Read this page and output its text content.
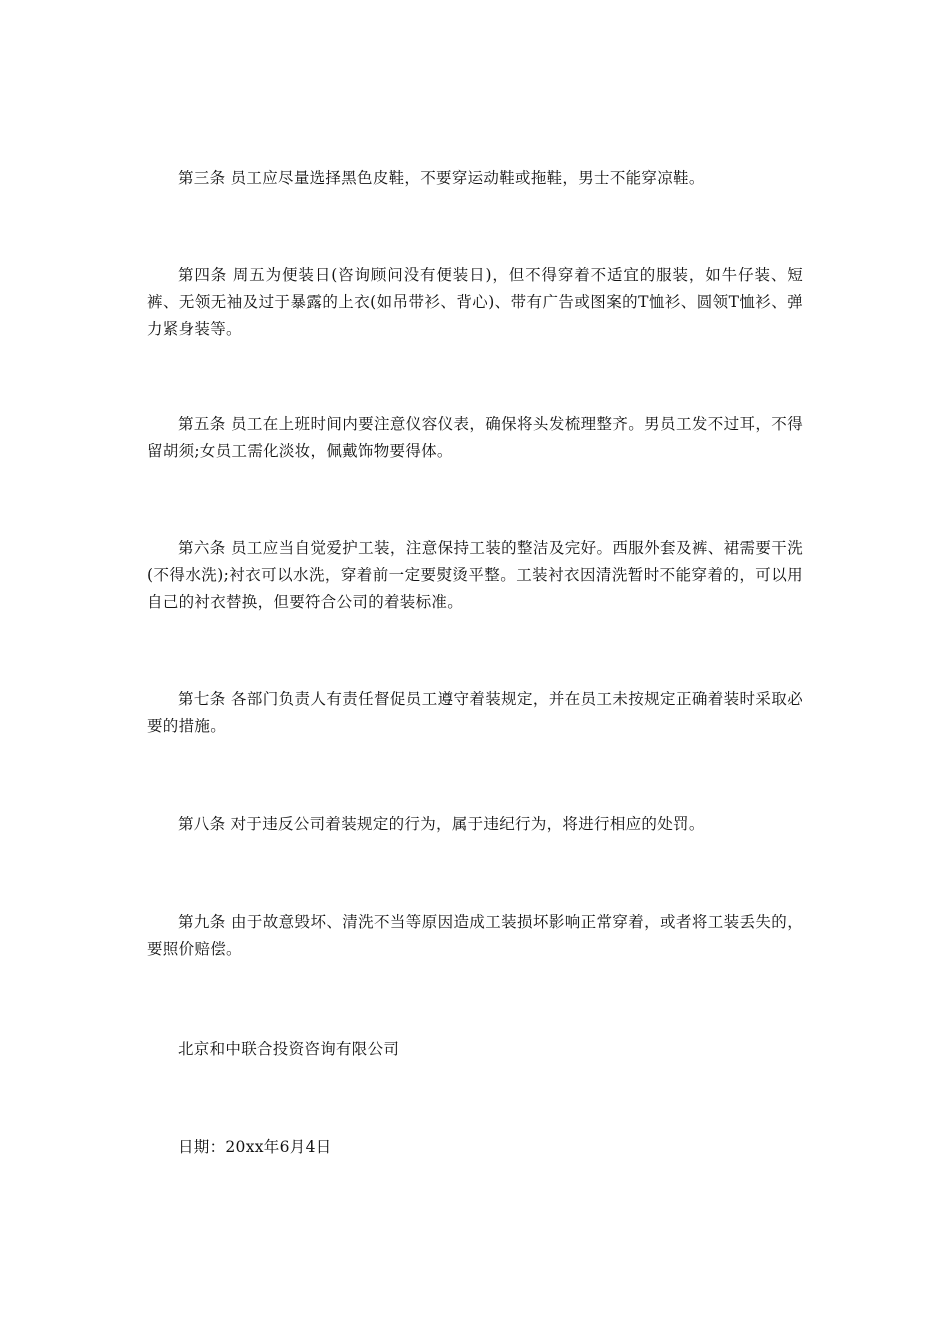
第三条 员工应尽量选择黑色皮鞋，不要穿运动鞋或拖鞋，男士不能穿凉鞋。

第四条 周五为便装日(咨询顾问没有便装日)，但不得穿着不适宜的服装，如牛仔装、短裤、无领无袖及过于暴露的上衣(如吊带衫、背心)、带有广告或图案的T恤衫、圆领T恤衫、弹力紧身装等。

第五条 员工在上班时间内要注意仪容仪表，确保将头发梳理整齐。男员工发不过耳，不得留胡须;女员工需化淡妆，佩戴饰物要得体。

第六条 员工应当自觉爱护工装，注意保持工装的整洁及完好。西服外套及裤、裙需要干洗(不得水洗);衬衣可以水洗，穿着前一定要熨烫平整。工装衬衣因清洗暂时不能穿着的，可以用自己的衬衣替换，但要符合公司的着装标准。

第七条 各部门负责人有责任督促员工遵守着装规定，并在员工未按规定正确着装时采取必要的措施。

第八条 对于违反公司着装规定的行为，属于违纪行为，将进行相应的处罚。

第九条 由于故意毁坏、清洗不当等原因造成工装损坏影响正常穿着，或者将工装丢失的，要照价赔偿。

北京和中联合投资咨询有限公司

日期：20xx年6月4日
